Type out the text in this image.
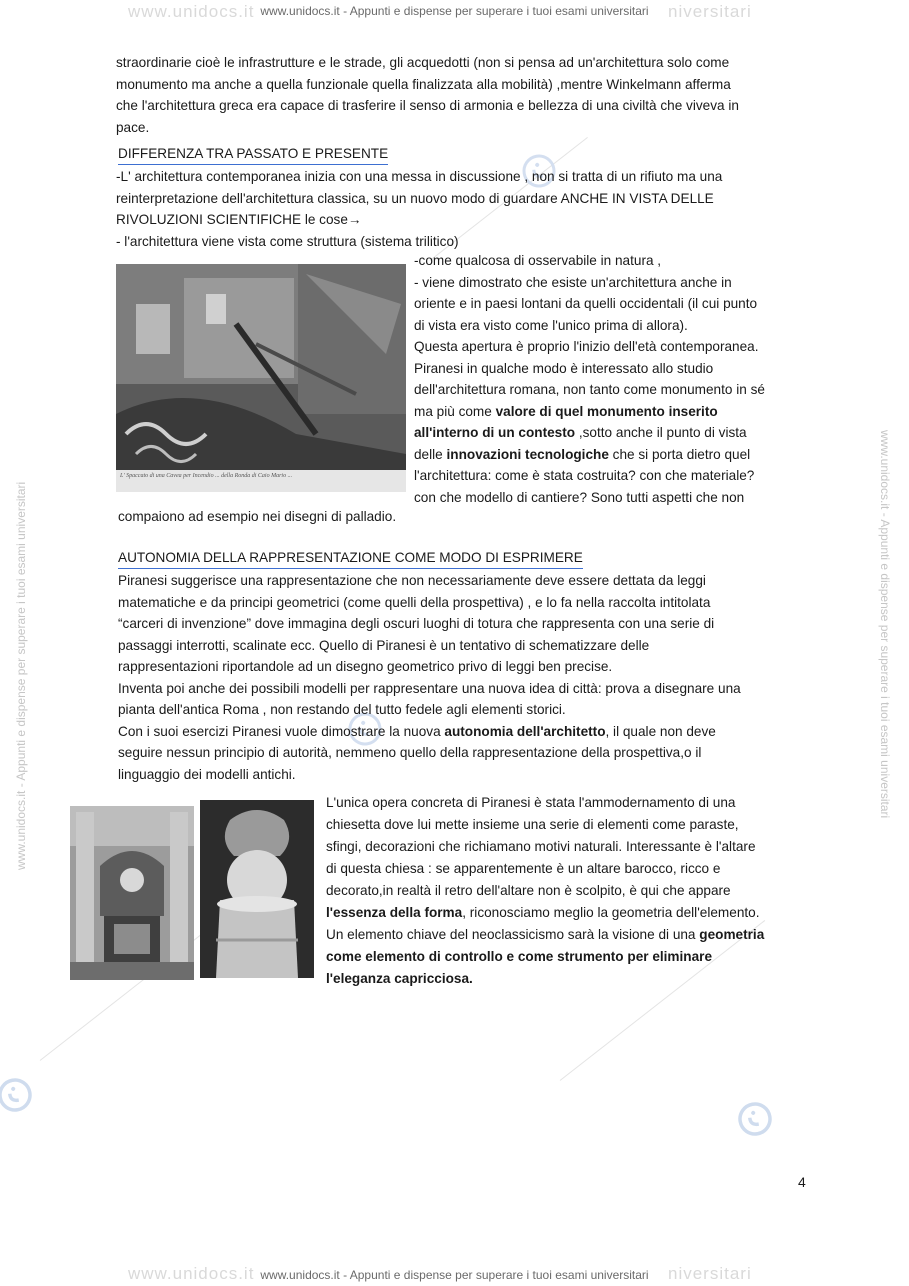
www.unidocs.it	niversitari
www.unidocs.it - Appunti e dispense per superare i tuoi esami universitari
www.unidocs.it	niversitari
www.unidocs.it - Appunti e dispense per superare i tuoi esami universitari
www.unidocs.it - Appunti e dispense per superare i tuoi esami universitari	www.unidocs.it - Appunti e dispense per superare i tuoi esami universitari

straordinarie cioè le infrastrutture e le strade, gli acquedotti (non si pensa ad un'architettura solo come

monumento ma anche a quella funzionale quella finalizzata alla mobilità) ,mentre Winkelmann afferma

che l'architettura greca era capace di trasferire il senso di armonia e bellezza di una civiltà che viveva in

pace.

DIFFERENZA TRA PASSATO E PRESENTE

-L' architettura contemporanea inizia con una messa in discussione , non si tratta di un rifiuto ma una

reinterpretazione dell'architettura classica, su un nuovo modo di guardare ANCHE IN VISTA DELLE

RIVOLUZIONI SCIENTIFICHE le cose→

- l'architettura viene vista come struttura (sistema trilitico)

L' Spaccato di una Cavea per Incendio ... della Ronda di Caio Mario ...

-come qualcosa di osservabile in natura ,

- viene dimostrato che esiste un'architettura anche in

oriente e in paesi lontani da quelli occidentali (il cui punto

di vista era visto come l'unico prima di allora).

Questa apertura è proprio l'inizio dell'età contemporanea.

Piranesi in qualche modo è interessato allo studio

dell'architettura romana, non tanto come monumento in sé

ma più come valore di quel monumento inserito

all'interno di un contesto ,sotto anche il punto di vista

delle innovazioni tecnologiche che si porta dietro quel

l'architettura: come è stata costruita? con che materiale?

con che modello di cantiere? Sono tutti aspetti che non

compaiono ad esempio nei disegni di palladio.

AUTONOMIA DELLA RAPPRESENTAZIONE COME MODO DI ESPRIMERE

Piranesi suggerisce una rappresentazione che non necessariamente deve essere dettata da leggi

matematiche e da principi geometrici (come quelli della prospettiva) , e lo fa nella raccolta intitolata

“carceri di invenzione” dove immagina degli oscuri luoghi di totura che rappresenta con una serie di

passaggi interrotti, scalinate ecc. Quello di Piranesi è un tentativo di schematizzare delle

rappresentazioni riportandole ad un disegno geometrico privo di leggi ben precise.

Inventa poi anche dei possibili modelli per rappresentare una nuova idea di città: prova a disegnare una

pianta dell'antica Roma , non restando del tutto fedele agli elementi storici.

Con i suoi esercizi Piranesi vuole dimostrare la nuova autonomia dell'architetto, il quale non deve

seguire nessun principio di autorità, nemmeno quello della rappresentazione della prospettiva,o il

linguaggio dei modelli antichi.

L'unica opera concreta di Piranesi è stata l'ammodernamento di una

chiesetta dove lui mette insieme una serie di elementi come paraste,

sfingi, decorazioni che richiamano motivi naturali. Interessante è l'altare

di questa chiesa : se apparentemente è un altare barocco, ricco e

decorato,in realtà il retro dell'altare non è scolpito, è qui che appare

l'essenza della forma, riconosciamo meglio la geometria dell'elemento.

Un elemento chiave del neoclassicismo sarà la visione di una geometria

come elemento di controllo e come strumento per eliminare

l'eleganza capricciosa.

4
